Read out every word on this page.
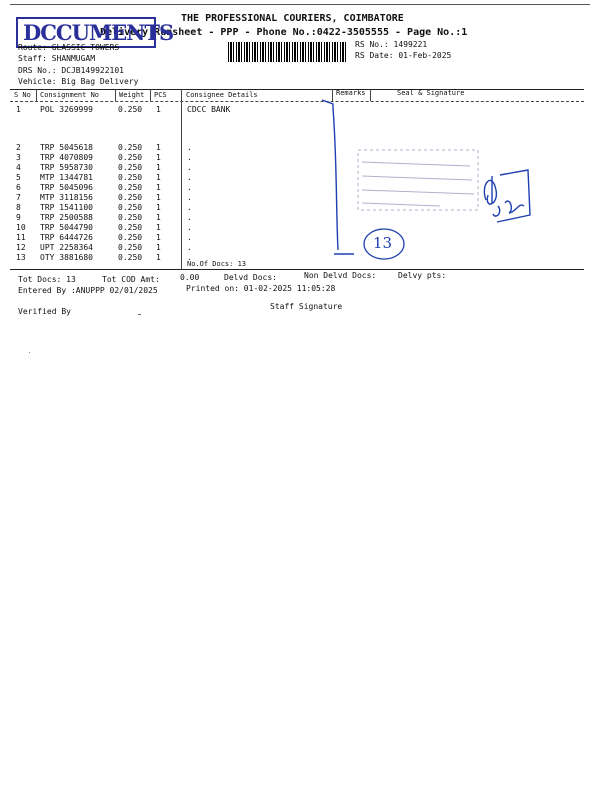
THE PROFESSIONAL COURIERS, COIMBATORE
Delivery Runsheet - PPP - Phone No.:0422-3505555 - Page No.:1
DCCUMENTS
Route: GLASSIC TOWERS
Staff: SHANMUGAM
DRS No.: DCJB149922101
Vehicle: Big Bag Delivery
RS No.: 1499221
RS Date: 01-Feb-2025
S No Consignment No	Weight PCS	Consignee Details	Remarks	Seal & Signature
1 POL 3269999	0.250 1	CDCC BANK
2 TRP 5045618	0.250 1	.
3 TRP 4070809	0.250 1	.
4 TRP 5958730	0.250 1	.
5 MTP 1344781	0.250 1	.
6 TRP 5045096	0.250 1	.
7 MTP 3118156	0.250 1	.
8 TRP 1541100	0.250 1	.
9 TRP 2500588	0.250 1	.
10 TRP 5044790	0.250 1	.
11 TRP 6444726	0.250 1	.
12 UPT 2258364	0.250 1	.
13 OTY 3881680	0.250 1	.
No.Of Docs: 13
13
Tot Docs: 13	Tot COD Amt:	0.00	Delvd Docs:	Non Delvd Docs:	Delvy pts:
Entered By :ANUPPP 02/01/2025	Printed on: 01-02-2025 11:05:28
Verified By
Staff Signature
